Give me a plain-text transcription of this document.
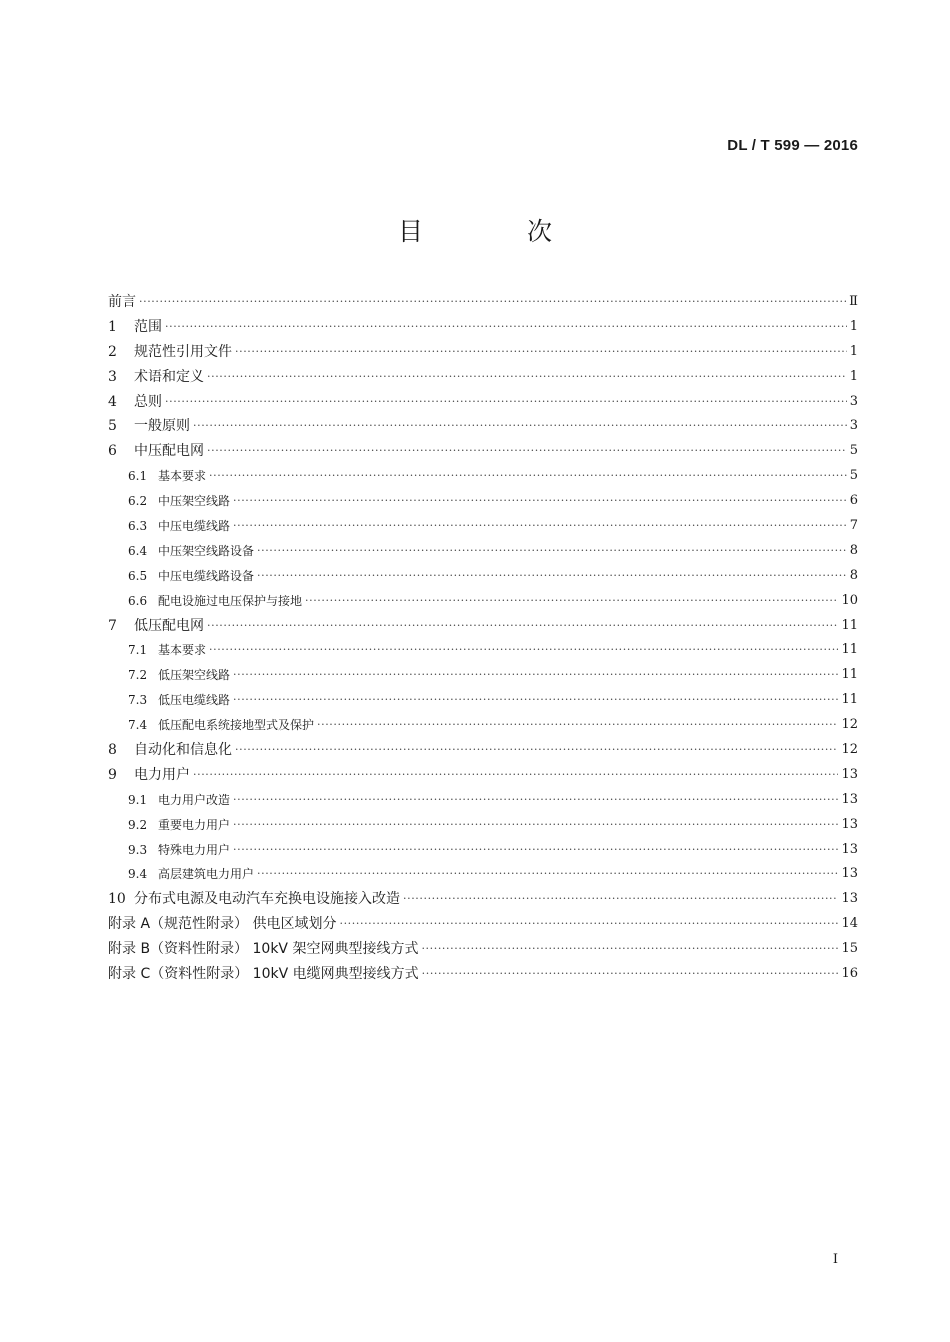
DL / T 599 — 2016
目 次
前言 ·····	Ⅱ
1	范围 ·····	1
2	规范性引用文件 ·····	1
3	术语和定义 ·····	1
4	总则 ·····	3
5	一般原则 ·····	3
6	中压配电网 ·····	5
6.1 基本要求 ·····	5
6.2 中压架空线路 ·····	6
6.3 中压电缆线路 ·····	7
6.4 中压架空线路设备 ·····	8
6.5 中压电缆线路设备 ·····	8
6.6 配电设施过电压保护与接地 ·····	10
7	低压配电网 ·····	11
7.1 基本要求 ·····	11
7.2 低压架空线路 ·····	11
7.3 低压电缆线路 ·····	11
7.4 低压配电系统接地型式及保护 ·····	12
8	自动化和信息化 ·····	12
9	电力用户 ·····	13
9.1 电力用户改造 ·····	13
9.2 重要电力用户 ·····	13
9.3 特殊电力用户 ·····	13
9.4 高层建筑电力用户 ·····	13
10 分布式电源及电动汽车充换电设施接入改造 ·····	13
附录 A（规范性附录） 供电区域划分 ·····	14
附录 B（资料性附录） 10kV 架空网典型接线方式 ·····	15
附录 C（资料性附录） 10kV 电缆网典型接线方式 ·····	16
I
